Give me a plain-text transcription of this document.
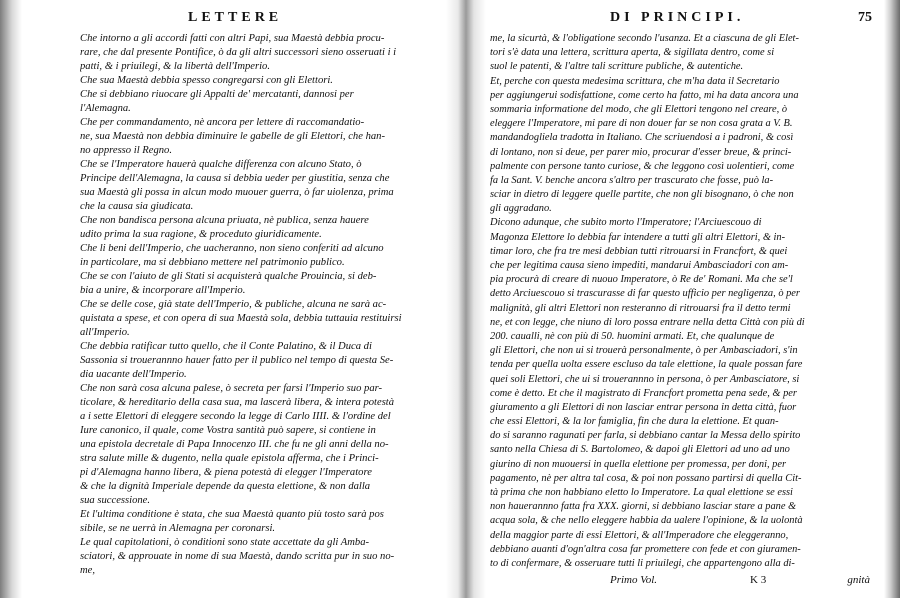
LETTERE
Che intorno a gli accordi fatti con altri Papi, sua Maestà debbia procu-
rare, che dal presente Pontifice, ò da gli altri successori sieno osseruati i i
patti, & i priuilegi, & la libertà dell'Imperio.
Che sua Maestà debbia spesso congregarsi con gli Elettori.
Che si debbiano riuocare gli Appalti de' mercatanti, dannosi per
l'Alemagna.
Che per commandamento, nè ancora per lettere di raccomandatio-
ne, sua Maestà non debbia diminuire le gabelle de gli Elettori, che han-
no appresso il Regno.
Che se l'Imperatore hauerà qualche differenza con alcuno Stato, ò
Principe dell'Alemagna, la causa si debbia ueder per giustitia, senza che
sua Maestà gli possa in alcun modo muouer guerra, ò far uiolenza, prima
che la causa sia giudicata.
Che non bandisca persona alcuna priuata, nè publica, senza hauere
udito prima la sua ragione, & proceduto giuridicamente.
Che li beni dell'Imperio, che uacheranno, non sieno conferiti ad alcuno
in particolare, ma si debbiano mettere nel patrimonio publico.
Che se con l'aiuto de gli Stati si acquisterà qualche Prouincia, si deb-
bia a unire, & incorporare all'Imperio.
Che se delle cose, già state dell'Imperio, & publiche, alcuna ne sarà ac-
quistata a spese, et con opera di sua Maestà sola, debbia tuttauia restituirsi
all'Imperio.
Che debbia ratificar tutto quello, che il Conte Palatino, & il Duca di
Sassonia si trouerannno hauer fatto per il publico nel tempo di questa Se-
dia uacante dell'Imperio.
Che non sarà cosa alcuna palese, ò secreta per farsi l'Imperio suo par-
ticolare, & hereditario della casa sua, ma lascerà libera, & intera potestà
a i sette Elettori di eleggere secondo la legge di Carlo IIII. & l'ordine del
Iure canonico, il quale, come Vostra santità può sapere, si contiene in
una epistola decretale di Papa Innocenzo III. che fu ne gli anni della no-
stra salute mille & dugento, nella quale epistola afferma, che i Princi-
pi d'Alemagna hanno libera, & piena potestà di elegger l'Imperatore
& che la dignità Imperiale depende da questa elettione, & non dalla
sua successione.
Et l'ultima conditione è stata, che sua Maestà quanto più tosto sarà pos
sibile, se ne uerrà in Alemagna per coronarsi.
Le qual capitolationi, ò conditioni sono state accettate da gli Amba-
sciatori, & approuate in nome di sua Maestà, dando scritta pur in suo no-
me,
DI PRINCIPI.	75
me, la sicurtà, & l'obligatione secondo l'usanza. Et a ciascuna de gli Elet-
tori s'è data una lettera, scrittura aperta, & sigillata dentro, come si
suol le patenti, & l'altre tali scritture publiche, & autentiche.
Et, perche con questa medesima scrittura, che m'ha data il Secretario
per aggiungerui sodisfattione, come certo ha fatto, mi ha data ancora una
sommaria informatione del modo, che gli Elettori tengono nel creare, ò
eleggere l'Imperatore, mi pare di non douer far se non cosa grata a V. B.
mandandogliela tradotta in Italiano. Che scriuendosi a i padroni, & così
di lontano, non si deue, per parer mio, procurar d'esser breue, & princi-
palmente con persone tanto curiose, & che leggono così uolentieri, come
fa la Sant. V. benche ancora s'altro per trascurato che fosse, può la-
sciar in dietro di leggere quelle partite, che non gli bisognano, ò che non
gli aggradano.
Dicono adunque, che subito morto l'Imperatore; l'Arciuescouo di
Magonza Elettore lo debbia far intendere a tutti gli altri Elettori, & in-
timar loro, che fra tre mesi debbian tutti ritrouarsi in Francfort, & quei
che per legitima causa sieno impediti, mandarui Ambasciadori con am-
pia procurà di creare di nuouo Imperatore, ò Re de' Romani. Ma che se'l
detto Arciuescouo si trascurasse di far questo ufficio per negligenza, ò per
malignità, gli altri Elettori non resteranno di ritrouarsi fra il detto termi
ne, et con legge, che niuno di loro possa entrare nella detta Città con più di
200. caualli, nè con più di 50. huomini armati. Et, che qualunque de
gli Elettori, che non ui si trouerà personalmente, ò per Ambasciadori, s'in
tenda per quella uolta essere escluso da tale elettione, la quale possan fare
quei soli Elettori, che ui si trouerannno in persona, ò per Ambasciatore, si
come è detto. Et che il magistrato di Francfort prometta pena sede, & per
giuramento a gli Elettori di non lasciar entrar persona in detta città, fuor
che essi Elettori, & la lor famiglia, fin che dura la elettione. Et quan-
do si saranno ragunati per farla, si debbiano cantar la Messa dello spirito
santo nella Chiesa di S. Bartolomeo, & dapoi gli Elettori ad uno ad uno
giurino di non muouersi in quella elettione per promessa, per doni, per
pagamento, nè per altra tal cosa, & poi non possano partirsi di quella Cit-
tà prima che non habbiano eletto lo Imperatore. La qual elettione se essi
non hauerannno fatta fra XXX. giorni, si debbiano lasciar stare a pane &
acqua sola, & che nello eleggere habbia da ualere l'opinione, & la uolontà
della maggior parte di essi Elettori, & all'Imperadore che eleggeranno,
debbiano auanti d'ogn'altra cosa far promettere con fede et con giuramen-
to di confermare, & osseruare tutti li priuilegi, che appartengono alla di-
Primo Vol.	K 3	gnità
